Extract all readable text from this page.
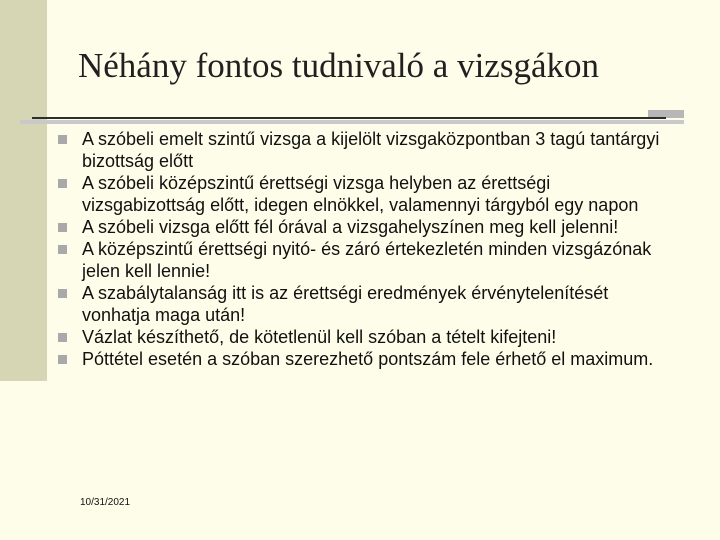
Néhány fontos tudnivaló a vizsgákon
A szóbeli emelt szintű vizsga a kijelölt vizsgaközpontban 3 tagú tantárgyi bizottság előtt
A szóbeli középszintű érettségi vizsga helyben az érettségi vizsgabizottság előtt, idegen elnökkel, valamennyi tárgyból egy napon
A szóbeli vizsga előtt fél órával a vizsgahelyszínen meg kell jelenni!
A középszintű érettségi nyitó- és záró értekezletén minden vizsgázónak jelen kell lennie!
A szabálytalanság itt is az érettségi eredmények érvénytelenítését vonhatja maga után!
Vázlat készíthető, de kötetlenül kell szóban a tételt kifejteni!
Póttétel esetén a szóban szerezhető pontszám fele érhető el maximum.
10/31/2021
